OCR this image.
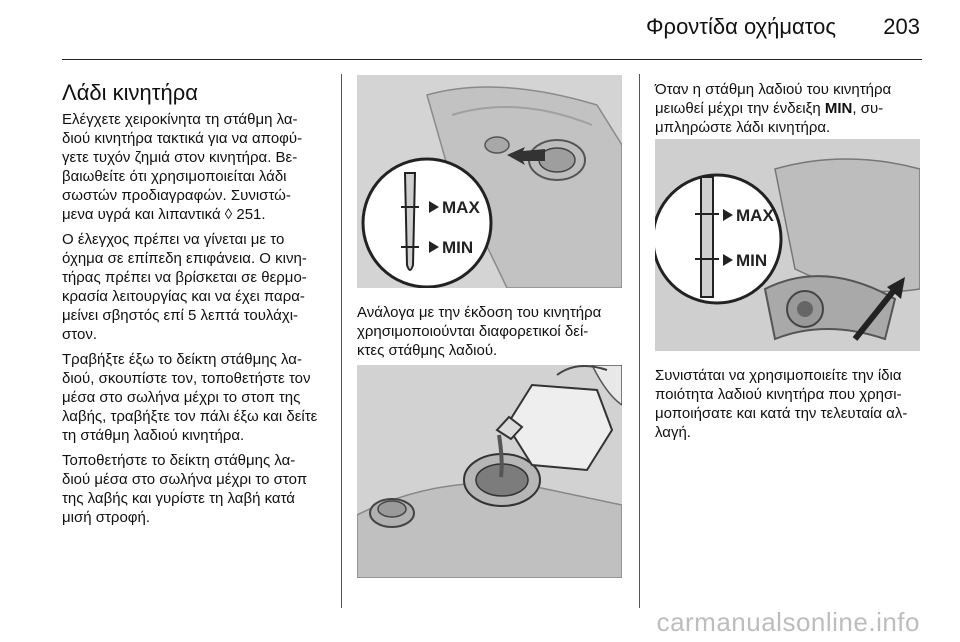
Φροντίδα οχήματος 203
Λάδι κινητήρα

Ελέγχετε χειροκίνητα τη στάθμη λα-
διού κινητήρα τακτικά για να αποφύ-
γετε τυχόν ζημιά στον κινητήρα. Βε-
βαιωθείτε ότι χρησιμοποιείται λάδι
σωστών προδιαγραφών. Συνιστώ-
μενα υγρά και λιπαντικά ◊ 251.

Ο έλεγχος πρέπει να γίνεται με το
όχημα σε επίπεδη επιφάνεια. Ο κινη-
τήρας πρέπει να βρίσκεται σε θερμο-
κρασία λειτουργίας και να έχει παρα-
μείνει σβηστός επί 5 λεπτά τουλάχι-
στον.

Τραβήξτε έξω το δείκτη στάθμης λα-
διού, σκουπίστε τον, τοποθετήστε τον
μέσα στο σωλήνα μέχρι το στοπ της
λαβής, τραβήξτε τον πάλι έξω και δείτε
τη στάθμη λαδιού κινητήρα.

Τοποθετήστε το δείκτη στάθμης λα-
διού μέσα στο σωλήνα μέχρι το στοπ
της λαβής και γυρίστε τη λαβή κατά
μισή στροφή.

MAX
MIN

Ανάλογα με την έκδοση του κινητήρα
χρησιμοποιούνται διαφορετικοί δεί-
κτες στάθμης λαδιού.

Όταν η στάθμη λαδιού του κινητήρα
μειωθεί μέχρι την ένδειξη MIN, συ-
μπληρώστε λάδι κινητήρα.

MAX
MIN

Συνιστάται να χρησιμοποιείτε την ίδια
ποιότητα λαδιού κινητήρα που χρησι-
μοποιήσατε και κατά την τελευταία αλ-
λαγή.

carmanualsonline.info
